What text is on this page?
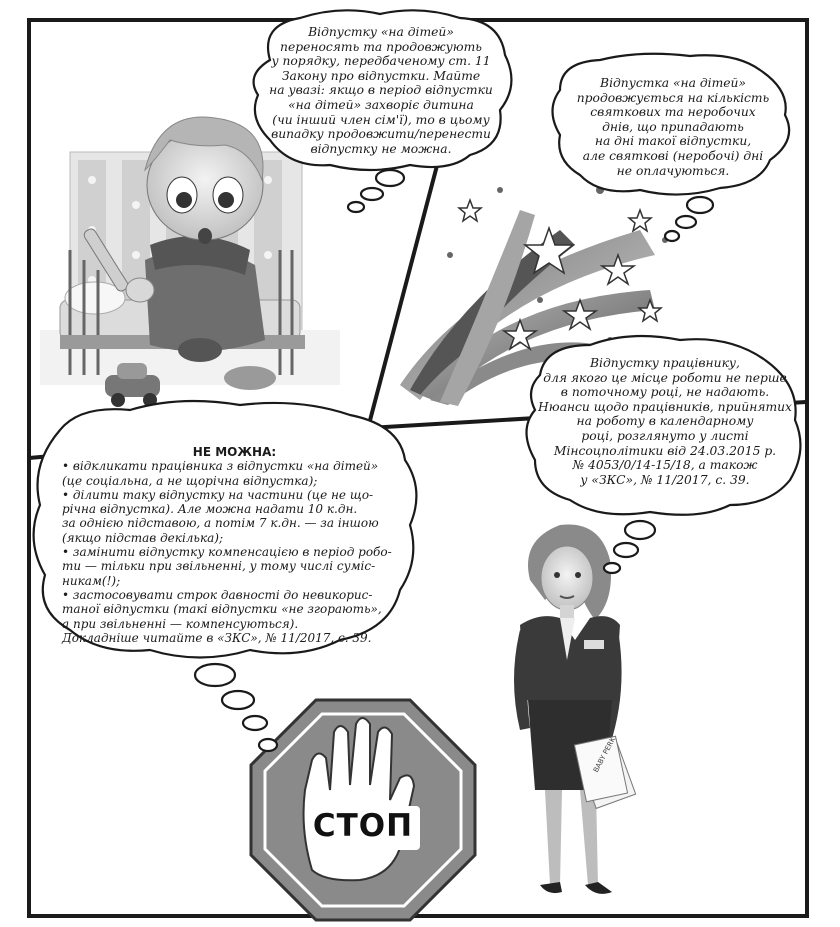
Відпустку «на дітей»
переносять та продовжують
у порядку, передбаченому ст. 11
Закону про відпустки. Майте
на увазі: якщо в період відпустки
«на дітей» захворіє дитина
(чи інший член сім'ї), то в цьому
випадку продовжити/перенести
відпустку не можна.
Відпустка «на дітей»
продовжується на кількість
святкових та неробочих
днів, що припадають
на дні такої відпустки,
але святкові (неробочі) дні
не оплачуються.
Відпустку працівнику,
для якого це місце роботи не перше
в поточному році, не надають.
Нюанси щодо працівників, прийнятих
на роботу в календарному
році, розглянуто у листі
Мінсоцполітики від 24.03.2015 р.
№ 4053/0/14-15/18, а також
у «ЗКС», № 11/2017, с. 39.
НЕ МОЖНА:
• відкликати працівника з відпустки «на дітей»
(це соціальна, а не щорічна відпустка);
• ділити таку відпустку на частини (це не що-
річна відпустка). Але можна надати 10 к.дн.
за однією підставою, а потім 7 к.дн. — за іншою
(якщо підстав декілька);
• замінити відпустку компенсацією в період робо-
ти — тільки при звільненні, у тому числі сумiс-
никам(!);
• застосовувати строк давності до невикорис-
таної відпустки (такі відпустки «не згорають»,
а при звільненні — компенсуються).
Докладніше читайте в «ЗКС», № 11/2017, с. 39.
СТОП
BABY PERK
